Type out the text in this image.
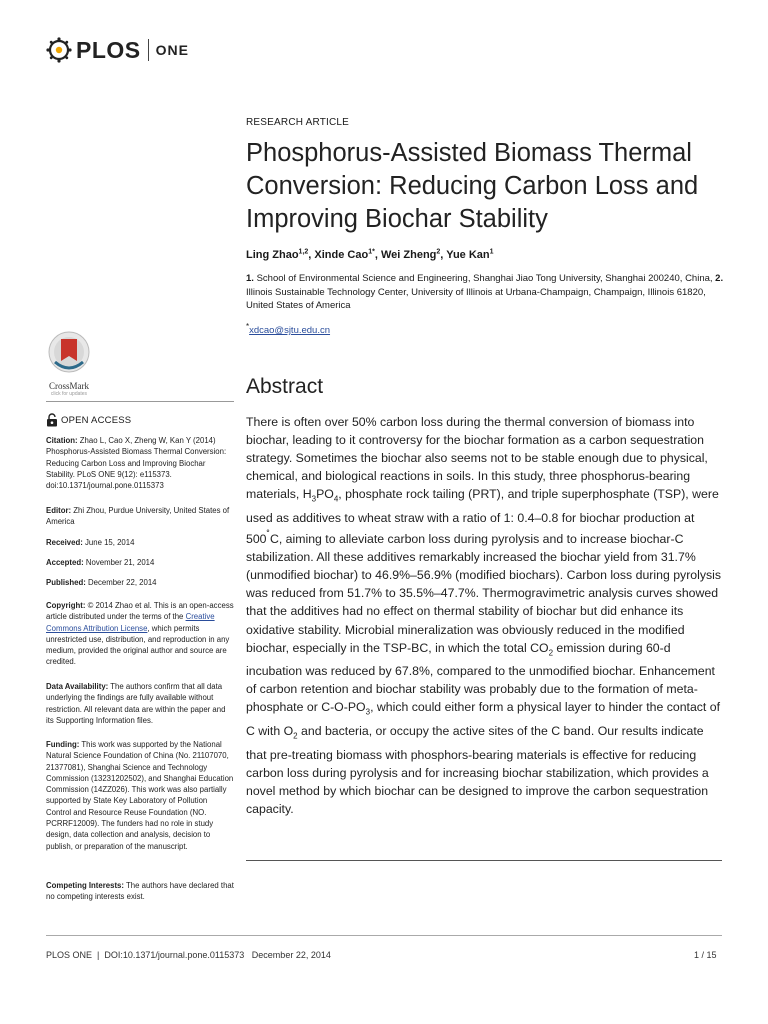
PLOS ONE
RESEARCH ARTICLE
Phosphorus-Assisted Biomass Thermal Conversion: Reducing Carbon Loss and Improving Biochar Stability
Ling Zhao$^{1,2}$, Xinde Cao$^{1*}$, Wei Zheng$^2$, Yue Kan$^1$
1. School of Environmental Science and Engineering, Shanghai Jiao Tong University, Shanghai 200240, China, 2. Illinois Sustainable Technology Center, University of Illinois at Urbana-Champaign, Champaign, Illinois 61820, United States of America
*xdcao@sjtu.edu.cn
CrossMark
click for updates
OPEN ACCESS
Citation: Zhao L, Cao X, Zheng W, Kan Y (2014) Phosphorus-Assisted Biomass Thermal Conversion: Reducing Carbon Loss and Improving Biochar Stability. PLoS ONE 9(12): e115373. doi:10.1371/journal.pone.0115373
Editor: Zhi Zhou, Purdue University, United States of America
Received: June 15, 2014
Accepted: November 21, 2014
Published: December 22, 2014
Copyright: © 2014 Zhao et al. This is an open-access article distributed under the terms of the Creative Commons Attribution License, which permits unrestricted use, distribution, and reproduction in any medium, provided the original author and source are credited.
Data Availability: The authors confirm that all data underlying the findings are fully available without restriction. All relevant data are within the paper and its Supporting Information files.
Funding: This work was supported by the National Natural Science Foundation of China (No. 21107070, 21377081), Shanghai Science and Technology Commission (13231202502), and Shanghai Education Commission (14ZZ026). This work was also partially supported by State Key Laboratory of Pollution Control and Resource Reuse Foundation (NO. PCRRF12009). The funders had no role in study design, data collection and analysis, decision to publish, or preparation of the manuscript.
Competing Interests: The authors have declared that no competing interests exist.
Abstract
There is often over 50% carbon loss during the thermal conversion of biomass into biochar, leading to it controversy for the biochar formation as a carbon sequestration strategy. Sometimes the biochar also seems not to be stable enough due to physical, chemical, and biological reactions in soils. In this study, three phosphorus-bearing materials, $H_3PO_4$, phosphate rock tailing (PRT), and triple superphosphate (TSP), were used as additives to wheat straw with a ratio of 1: 0.4–0.8 for biochar production at 500˚C, aiming to alleviate carbon loss during pyrolysis and to increase biochar-C stabilization. All these additives remarkably increased the biochar yield from 31.7% (unmodified biochar) to 46.9%–56.9% (modified biochars). Carbon loss during pyrolysis was reduced from 51.7% to 35.5%–47.7%. Thermogravimetric analysis curves showed that the additives had no effect on thermal stability of biochar but did enhance its oxidative stability. Microbial mineralization was obviously reduced in the modified biochar, especially in the TSP-BC, in which the total $CO_2$ emission during 60-d incubation was reduced by 67.8%, compared to the unmodified biochar. Enhancement of carbon retention and biochar stability was probably due to the formation of meta-phosphate or $C-O-PO_3$, which could either form a physical layer to hinder the contact of C with $O_2$ and bacteria, or occupy the active sites of the C band. Our results indicate that pre-treating biomass with phosphors-bearing materials is effective for reducing carbon loss during pyrolysis and for increasing biochar stabilization, which provides a novel method by which biochar can be designed to improve the carbon sequestration capacity.
PLOS ONE  |  DOI:10.1371/journal.pone.0115373   December 22, 2014	1 / 15
